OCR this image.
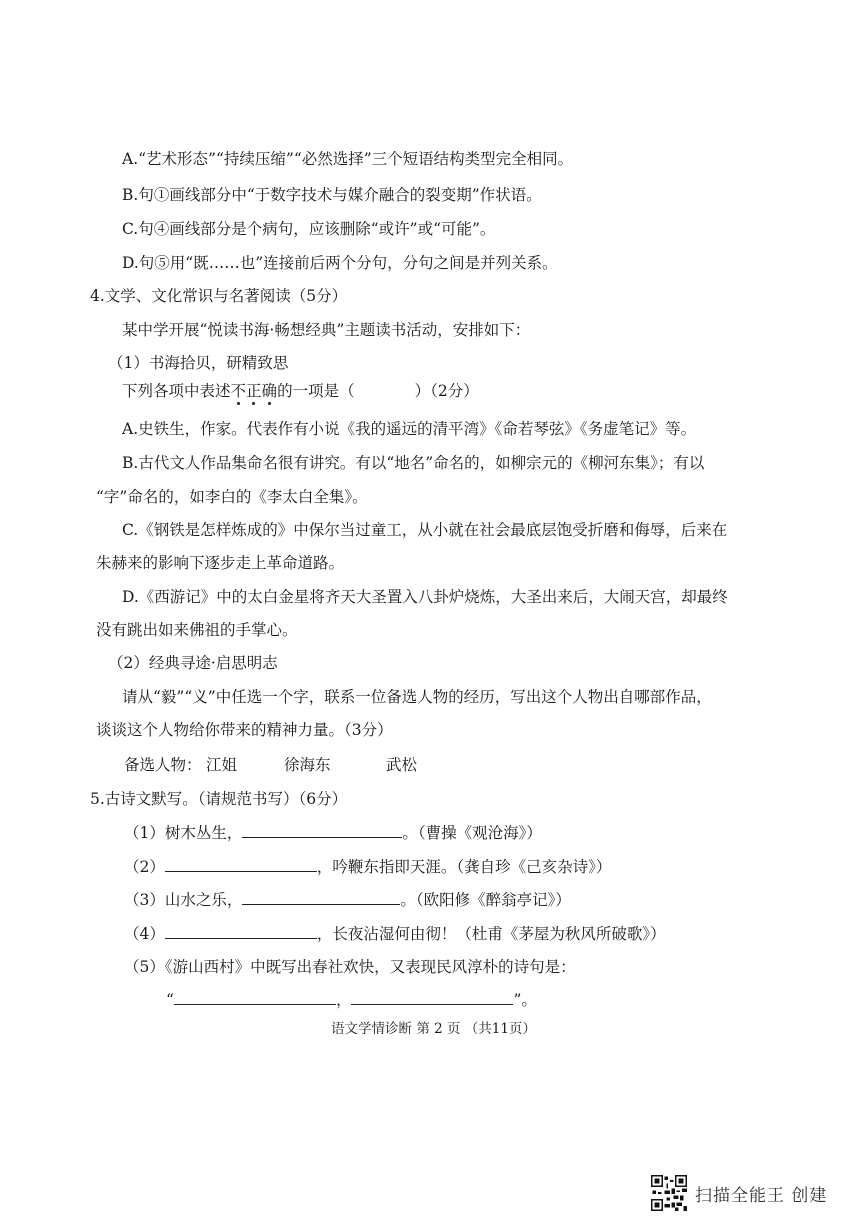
A.“艺术形态”“持续压缩”“必然选择”三个短语结构类型完全相同。
B.句①画线部分中“于数字技术与媒介融合的裂变期”作状语。
C.句④画线部分是个病句，应该删除“或许”或“可能”。
D.句⑤用“既……也”连接前后两个分句，分句之间是并列关系。
4.文学、文化常识与名著阅读（5分）
某中学开展“悦读书海·畅想经典”主题读书活动，安排如下：
（1）书海拾贝，研精致思
下列各项中表述不正确的一项是（	）（2分）
A.史铁生，作家。代表作有小说《我的遥远的清平湾》《命若琴弦》《务虚笔记》等。
B.古代文人作品集命名很有讲究。有以“地名”命名的，如柳宗元的《柳河东集》；有以
“字”命名的，如李白的《李太白全集》。
C.《钢铁是怎样炼成的》中保尔当过童工，从小就在社会最底层饱受折磨和侮辱，后来在
朱赫来的影响下逐步走上革命道路。
D.《西游记》中的太白金星将齐天大圣置入八卦炉烧炼，大圣出来后，大闹天宫，却最终
没有跳出如来佛祖的手掌心。
（2）经典寻途·启思明志
请从“毅”“义”中任选一个字，联系一位备选人物的经历，写出这个人物出自哪部作品，
谈谈这个人物给你带来的精神力量。（3分）
备选人物： 江姐	徐海东	武松
5.古诗文默写。（请规范书写）（6分）
（1）树木丛生，	。（曹操《观沧海》）
（2）	，吟鞭东指即天涯。（龚自珍《己亥杂诗》）
（3）山水之乐，	。（欧阳修《醉翁亭记》）
（4）	，长夜沾湿何由彻！（杜甫《茅屋为秋风所破歌》）
（5）《游山西村》中既写出春社欢快，又表现民风淳朴的诗句是：
“	，	”。
语文学情诊断 第 2 页 （共11页）
扫描全能王 创建
